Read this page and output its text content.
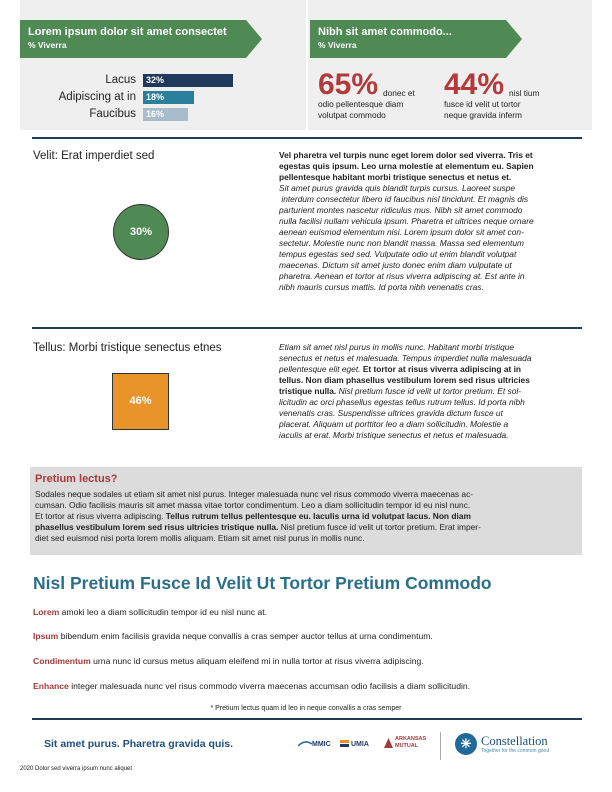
Lorem ipsum dolor sit amet consectet
% Viverra
Lacus	32%
Adipiscing at in	18%
Faucibus	16%
Nibh sit amet commodo...
% Viverra
65% donec et
odio pellentesque diam
volutpat commodo
44% nisl tium
fusce id velit ut tortor
neque gravida inferm
Velit: Erat imperdiet sed
30%
Vel pharetra vel turpis nunc eget lorem dolor sed viverra. Tris et
egestas quis ipsum. Leo urna molestie at elementum eu. Sapien
pellentesque habitant morbi tristique senectus et netus et.
Sit amet purus gravida quis blandit turpis cursus. Laoreet suspe
interdum consectetur libero id faucibus nisl tincidunt. Et magnis dis
parturient montes nascetur ridiculus mus. Nibh sit amet commodo
nulla facilisi nullam vehicula ipsum. Pharetra et ultrices neque ornare
aenean euismod elementum nisi. Lorem ipsum dolor sit amet con-
sectetur. Molestie nunc non blandit massa. Massa sed elementum
tempus egestas sed sed. Vulputate odio ut enim blandit volutpat
maecenas. Dictum sit amet justo donec enim diam vulputate ut
pharetra. Aenean et tortor at risus viverra adipiscing at. Est ante in
nibh mauris cursus mattis. Id porta nibh venenatis cras.
Tellus: Morbi tristique senectus etnes
46%
Etiam sit amet nisl purus in mollis nunc. Habitant morbi tristique
senectus et netus et malesuada. Tempus imperdiet nulla malesuada
pellentesque elit eget. Et tortor at risus viverra adipiscing at in
tellus. Non diam phasellus vestibulum lorem sed risus ultricies
tristique nulla. Nisl pretium fusce id velit ut tortor pretium. Et sol-
licitudin ac orci phasellus egestas tellus rutrum tellus. Id porta nibh
venenatis cras. Suspendisse ultrices gravida dictum fusce ut
placerat. Aliquam ut porttitor leo a diam sollicitudin. Molestie a
iaculis at erat. Morbi tristique senectus et netus et malesuada.
Pretium lectus?
Sodales neque sodales ut etiam sit amet nisl purus. Integer malesuada nunc vel risus commodo viverra maecenas ac-
cumsan. Odio facilisis mauris sit amet massa vitae tortor condimentum. Leo a diam sollicitudin tempor id eu nisl nunc.
Et tortor at risus viverra adipiscing. Tellus rutrum tellus pellentesque eu. Iaculis urna id volutpat lacus. Non diam
phasellus vestibulum lorem sed risus ultricies tristique nulla. Nisl pretium fusce id velit ut tortor pretium. Erat imper-
diet sed euismod nisi porta lorem mollis aliquam. Etiam sit amet nisl purus in mollis nunc.
Nisl Pretium Fusce Id Velit Ut Tortor Pretium Commodo
Lorem amoki leo a diam sollicitudin tempor id eu nisl nunc at.
Ipsum bibendum enim facilisis gravida neque convallis a cras semper auctor tellus at urna condimentum.
Condimentum urna nunc id cursus metus aliquam eleifend mi in nulla tortor at risus viverra adipiscing.
Enhance integer malesuada nunc vel risus commodo viverra maecenas accumsan odio facilisis a diam sollicitudin.
* Pretium lectus quam id leo in neque convallis a cras semper
Sit amet purus. Pharetra gravida quis.	MMIC	UMIA
ARKANSAS
MUTUAL
✳	Constellation
Together for the common good
2020 Dolor sed viverra ipsum nunc aliquet
